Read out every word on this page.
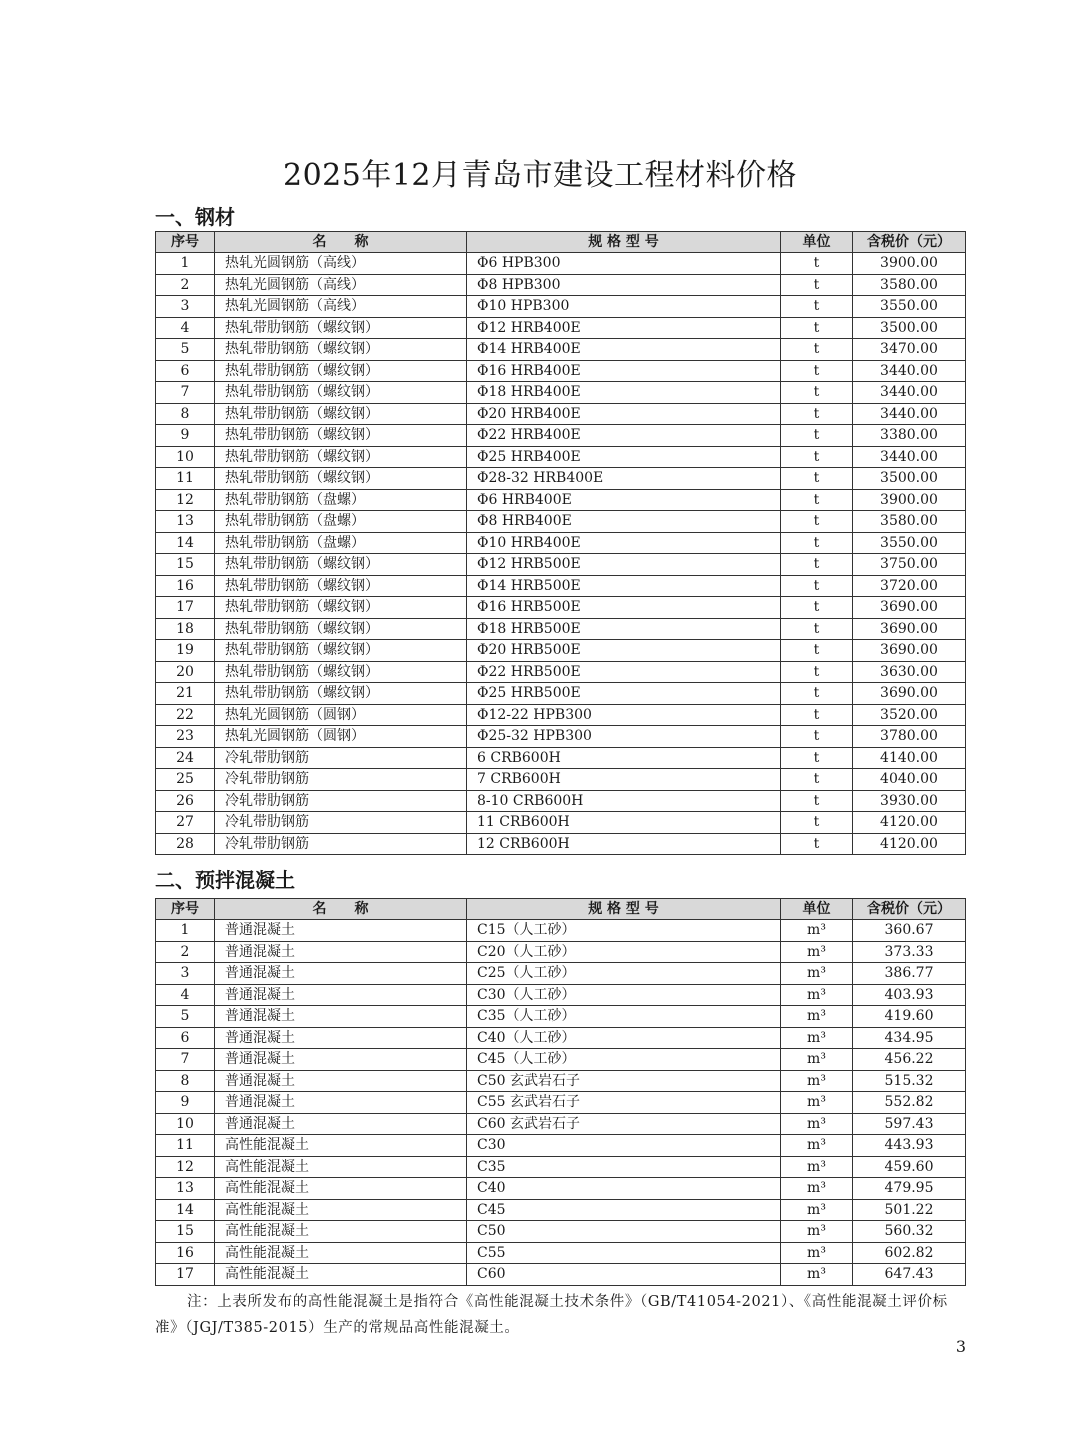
2025年12月青岛市建设工程材料价格
一、钢材
序号	名　　称	规 格 型 号	单位	含税价（元）
1	热轧光圆钢筋（高线）	Φ6 HPB300	t	3900.00
2	热轧光圆钢筋（高线）	Φ8 HPB300	t	3580.00
3	热轧光圆钢筋（高线）	Φ10 HPB300	t	3550.00
4	热轧带肋钢筋（螺纹钢）	Φ12 HRB400E	t	3500.00
5	热轧带肋钢筋（螺纹钢）	Φ14 HRB400E	t	3470.00
6	热轧带肋钢筋（螺纹钢）	Φ16 HRB400E	t	3440.00
7	热轧带肋钢筋（螺纹钢）	Φ18 HRB400E	t	3440.00
8	热轧带肋钢筋（螺纹钢）	Φ20 HRB400E	t	3440.00
9	热轧带肋钢筋（螺纹钢）	Φ22 HRB400E	t	3380.00
10	热轧带肋钢筋（螺纹钢）	Φ25 HRB400E	t	3440.00
11	热轧带肋钢筋（螺纹钢）	Φ28-32 HRB400E	t	3500.00
12	热轧带肋钢筋（盘螺）	Φ6 HRB400E	t	3900.00
13	热轧带肋钢筋（盘螺）	Φ8 HRB400E	t	3580.00
14	热轧带肋钢筋（盘螺）	Φ10 HRB400E	t	3550.00
15	热轧带肋钢筋（螺纹钢）	Φ12 HRB500E	t	3750.00
16	热轧带肋钢筋（螺纹钢）	Φ14 HRB500E	t	3720.00
17	热轧带肋钢筋（螺纹钢）	Φ16 HRB500E	t	3690.00
18	热轧带肋钢筋（螺纹钢）	Φ18 HRB500E	t	3690.00
19	热轧带肋钢筋（螺纹钢）	Φ20 HRB500E	t	3690.00
20	热轧带肋钢筋（螺纹钢）	Φ22 HRB500E	t	3630.00
21	热轧带肋钢筋（螺纹钢）	Φ25 HRB500E	t	3690.00
22	热轧光圆钢筋（圆钢）	Φ12-22 HPB300	t	3520.00
23	热轧光圆钢筋（圆钢）	Φ25-32 HPB300	t	3780.00
24	冷轧带肋钢筋	6 CRB600H	t	4140.00
25	冷轧带肋钢筋	7 CRB600H	t	4040.00
26	冷轧带肋钢筋	8-10 CRB600H	t	3930.00
27	冷轧带肋钢筋	11 CRB600H	t	4120.00
28	冷轧带肋钢筋	12 CRB600H	t	4120.00
二、预拌混凝土
序号	名　　称	规 格 型 号	单位	含税价（元）
1	普通混凝土	C15（人工砂）	m³	360.67
2	普通混凝土	C20（人工砂）	m³	373.33
3	普通混凝土	C25（人工砂）	m³	386.77
4	普通混凝土	C30（人工砂）	m³	403.93
5	普通混凝土	C35（人工砂）	m³	419.60
6	普通混凝土	C40（人工砂）	m³	434.95
7	普通混凝土	C45（人工砂）	m³	456.22
8	普通混凝土	C50 玄武岩石子	m³	515.32
9	普通混凝土	C55 玄武岩石子	m³	552.82
10	普通混凝土	C60 玄武岩石子	m³	597.43
11	高性能混凝土	C30	m³	443.93
12	高性能混凝土	C35	m³	459.60
13	高性能混凝土	C40	m³	479.95
14	高性能混凝土	C45	m³	501.22
15	高性能混凝土	C50	m³	560.32
16	高性能混凝土	C55	m³	602.82
17	高性能混凝土	C60	m³	647.43

注：上表所发布的高性能混凝土是指符合《高性能混凝土技术条件》（GB/T41054-2021）、《高性能混凝土评价标准》（JGJ/T385-2015）生产的常规品高性能混凝土。

3
